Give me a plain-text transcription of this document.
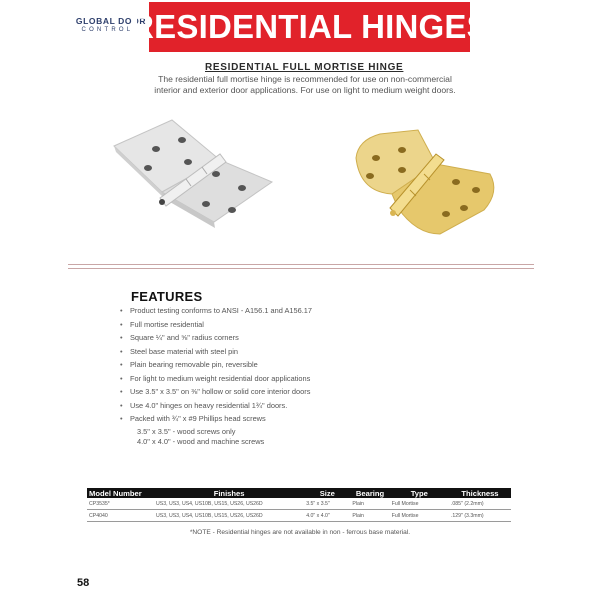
GLOBAL DOOR
CONTROLS
RESIDENTIAL HINGES
RESIDENTIAL FULL MORTISE HINGE
The residential full mortise hinge is recommended for use on non-commercial interior and exterior door applications. For use on light to medium weight doors.
FEATURES
• Product testing conforms to ANSI - A156.1 and A156.17
• Full mortise residential
• Square ¼" and ⅝" radius corners
• Steel base material with steel pin
• Plain bearing removable pin, reversible
• For light to medium weight residential door applications
• Use 3.5" x 3.5" on ⅜" hollow or solid core interior doors
• Use 4.0" hinges on heavy residential 1¾" doors.
• Packed with ¾" x #9 Phillips head screws
3.5" x 3.5" - wood screws only
4.0" x 4.0" - wood and machine screws
Model Number	Finishes	Size	Bearing	Type	Thickness
CP3535*	US3, US3, US4, US10B, US15, US26, US26D	3.5" x 3.5"	Plain	Full Mortise	.085" (2.2mm)
CP4040	US3, US3, US4, US10B, US15, US26, US26D	4.0" x 4.0"	Plain	Full Mortise	.129" (3.3mm)
*NOTE - Residential hinges are not available in non - ferrous base material.
58
